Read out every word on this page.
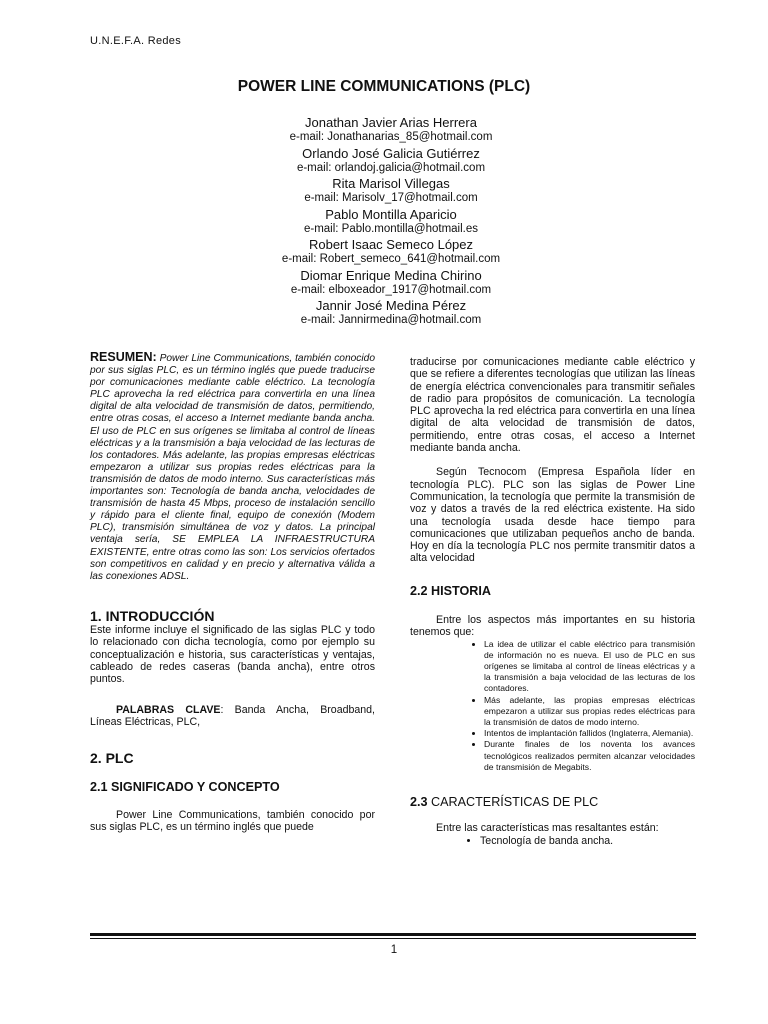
U.N.E.F.A. Redes
POWER LINE COMMUNICATIONS (PLC)
Jonathan Javier Arias Herrera
e-mail: Jonathanarias_85@hotmail.com
Orlando José Galicia Gutiérrez
e-mail: orlandoj.galicia@hotmail.com
Rita Marisol Villegas
e-mail: Marisolv_17@hotmail.com
Pablo Montilla Aparicio
e-mail: Pablo.montilla@hotmail.es
Robert Isaac Semeco López
e-mail: Robert_semeco_641@hotmail.com
Diomar Enrique Medina Chirino
e-mail: elboxeador_1917@hotmail.com
Jannir José Medina Pérez
e-mail: Jannirmedina@hotmail.com

RESUMEN: Power Line Communications, también conocido por sus siglas PLC, es un término inglés que puede traducirse por comunicaciones mediante cable eléctrico. La tecnología PLC aprovecha la red eléctrica para convertirla en una línea digital de alta velocidad de transmisión de datos, permitiendo, entre otras cosas, el acceso a Internet mediante banda ancha. El uso de PLC en sus orígenes se limitaba al control de líneas eléctricas y a la transmisión a baja velocidad de las lecturas de los contadores. Más adelante, las propias empresas eléctricas empezaron a utilizar sus propias redes eléctricas para la transmisión de datos de modo interno. Sus características más importantes son: Tecnología de banda ancha, velocidades de transmisión de hasta 45 Mbps, proceso de instalación sencillo y rápido para el cliente final, equipo de conexión (Modem PLC), transmisión simultánea de voz y datos. La principal ventaja sería, SE EMPLEA LA INFRAESTRUCTURA EXISTENTE, entre otras como las son: Los servicios ofertados son competitivos en calidad y en precio y alternativa válida a las conexiones ADSL.

1. INTRODUCCIÓN

Este informe incluye el significado de las siglas PLC y todo lo relacionado con dicha tecnología, como por ejemplo su conceptualización e historia, sus características y ventajas, cableado de redes caseras (banda ancha), entre otros puntos.

PALABRAS CLAVE: Banda Ancha, Broadband, Líneas Eléctricas, PLC,

2. PLC

2.1 SIGNIFICADO Y CONCEPTO

Power Line Communications, también conocido por sus siglas PLC, es un término inglés que puede

traducirse por comunicaciones mediante cable eléctrico y que se refiere a diferentes tecnologías que utilizan las líneas de energía eléctrica convencionales para transmitir señales de radio para propósitos de comunicación. La tecnología PLC aprovecha la red eléctrica para convertirla en una línea digital de alta velocidad de transmisión de datos, permitiendo, entre otras cosas, el acceso a Internet mediante banda ancha.

Según Tecnocom (Empresa Española líder en tecnología PLC). PLC son las siglas de Power Line Communication, la tecnología que permite la transmisión de voz y datos a través de la red eléctrica existente. Ha sido una tecnología usada desde hace tiempo para comunicaciones que utilizaban pequeños ancho de banda. Hoy en día la tecnología PLC nos permite transmitir datos a alta velocidad

2.2 HISTORIA

Entre los aspectos más importantes en su historia tenemos que:

• La idea de utilizar el cable eléctrico para transmisión de información no es nueva. El uso de PLC en sus orígenes se limitaba al control de líneas eléctricas y a la transmisión a baja velocidad de las lecturas de los contadores.
• Más adelante, las propias empresas eléctricas empezaron a utilizar sus propias redes eléctricas para la transmisión de datos de modo interno.
• Intentos de implantación fallidos (Inglaterra, Alemania).
• Durante finales de los noventa los avances tecnológicos realizados permiten alcanzar velocidades de transmisión de Megabits.

2.3 CARACTERÍSTICAS DE PLC

Entre las características mas resaltantes están:

• Tecnología de banda ancha.
1
